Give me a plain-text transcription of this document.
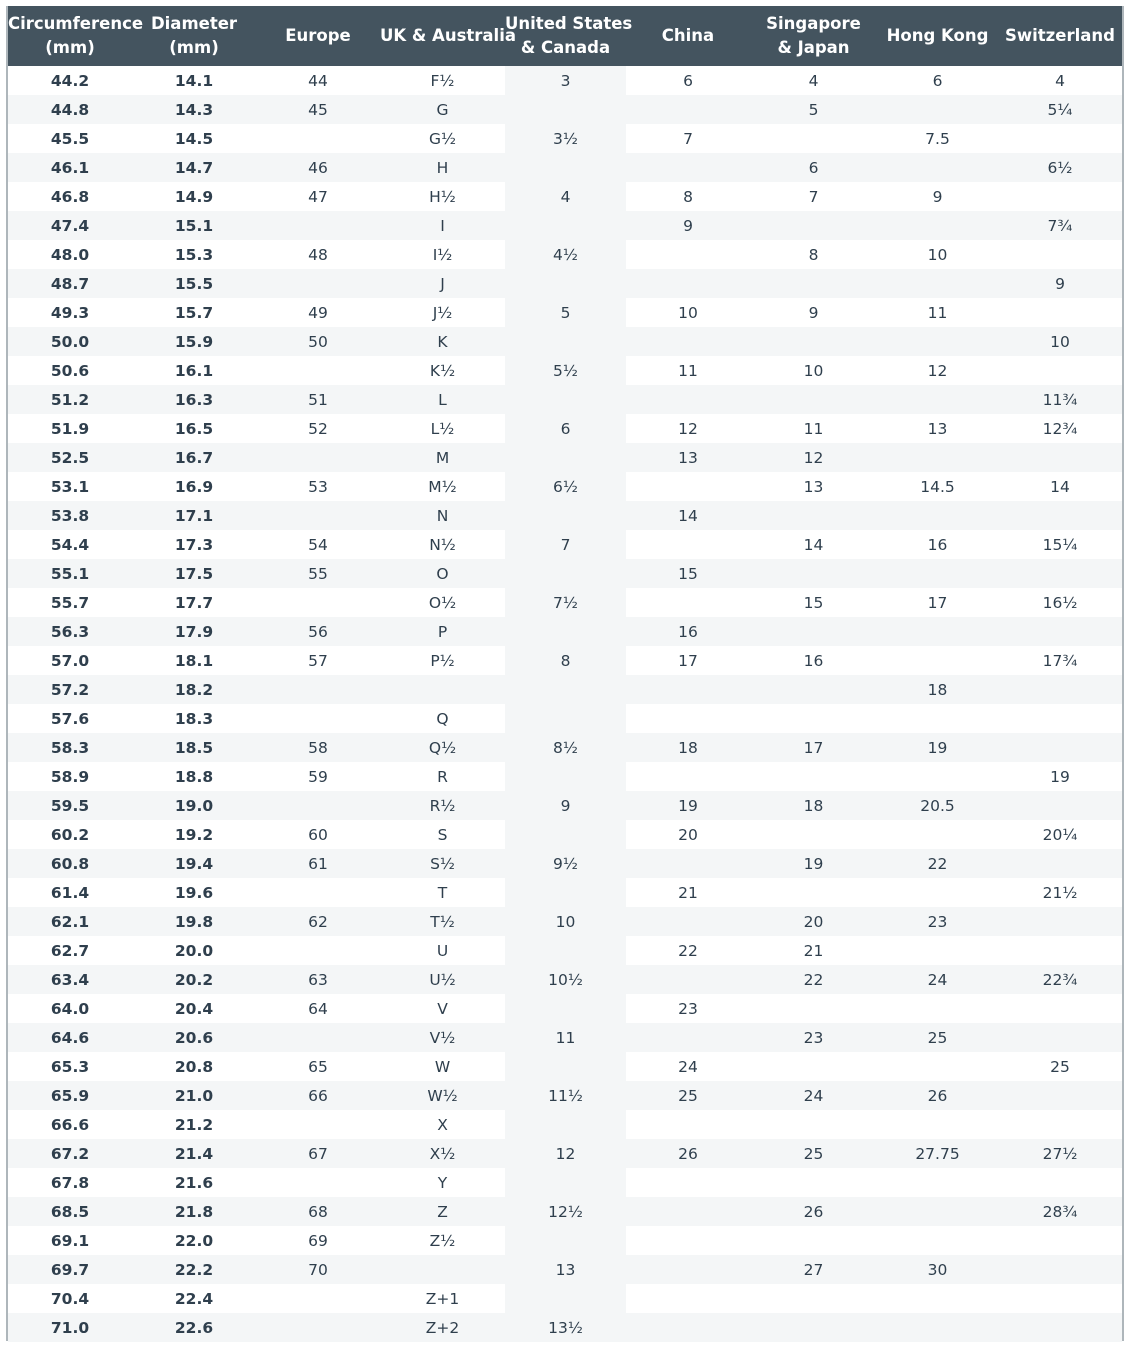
Circumference
(mm)	Diameter
(mm)	Europe	UK & Australia	United States
& Canada	China	Singapore
& Japan	Hong Kong	Switzerland
44.2	14.1	44	F½	3	6	4	6	4
44.8	14.3	45	G			5		5¼
45.5	14.5		G½	3½	7		7.5	
46.1	14.7	46	H			6		6½
46.8	14.9	47	H½	4	8	7	9	
47.4	15.1		I		9			7¾
48.0	15.3	48	I½	4½		8	10	
48.7	15.5		J					9
49.3	15.7	49	J½	5	10	9	11	
50.0	15.9	50	K					10
50.6	16.1		K½	5½	11	10	12	
51.2	16.3	51	L					11¾
51.9	16.5	52	L½	6	12	11	13	12¾
52.5	16.7		M		13	12		
53.1	16.9	53	M½	6½		13	14.5	14
53.8	17.1		N		14			
54.4	17.3	54	N½	7		14	16	15¼
55.1	17.5	55	O		15			
55.7	17.7		O½	7½		15	17	16½
56.3	17.9	56	P		16			
57.0	18.1	57	P½	8	17	16		17¾
57.2	18.2						18	
57.6	18.3		Q					
58.3	18.5	58	Q½	8½	18	17	19	
58.9	18.8	59	R					19
59.5	19.0		R½	9	19	18	20.5	
60.2	19.2	60	S		20			20¼
60.8	19.4	61	S½	9½		19	22	
61.4	19.6		T		21			21½
62.1	19.8	62	T½	10		20	23	
62.7	20.0		U		22	21		
63.4	20.2	63	U½	10½		22	24	22¾
64.0	20.4	64	V		23			
64.6	20.6		V½	11		23	25	
65.3	20.8	65	W		24			25
65.9	21.0	66	W½	11½	25	24	26	
66.6	21.2		X					
67.2	21.4	67	X½	12	26	25	27.75	27½
67.8	21.6		Y					
68.5	21.8	68	Z	12½		26		28¾
69.1	22.0	69	Z½					
69.7	22.2	70		13		27	30	
70.4	22.4		Z+1					
71.0	22.6		Z+2	13½				
